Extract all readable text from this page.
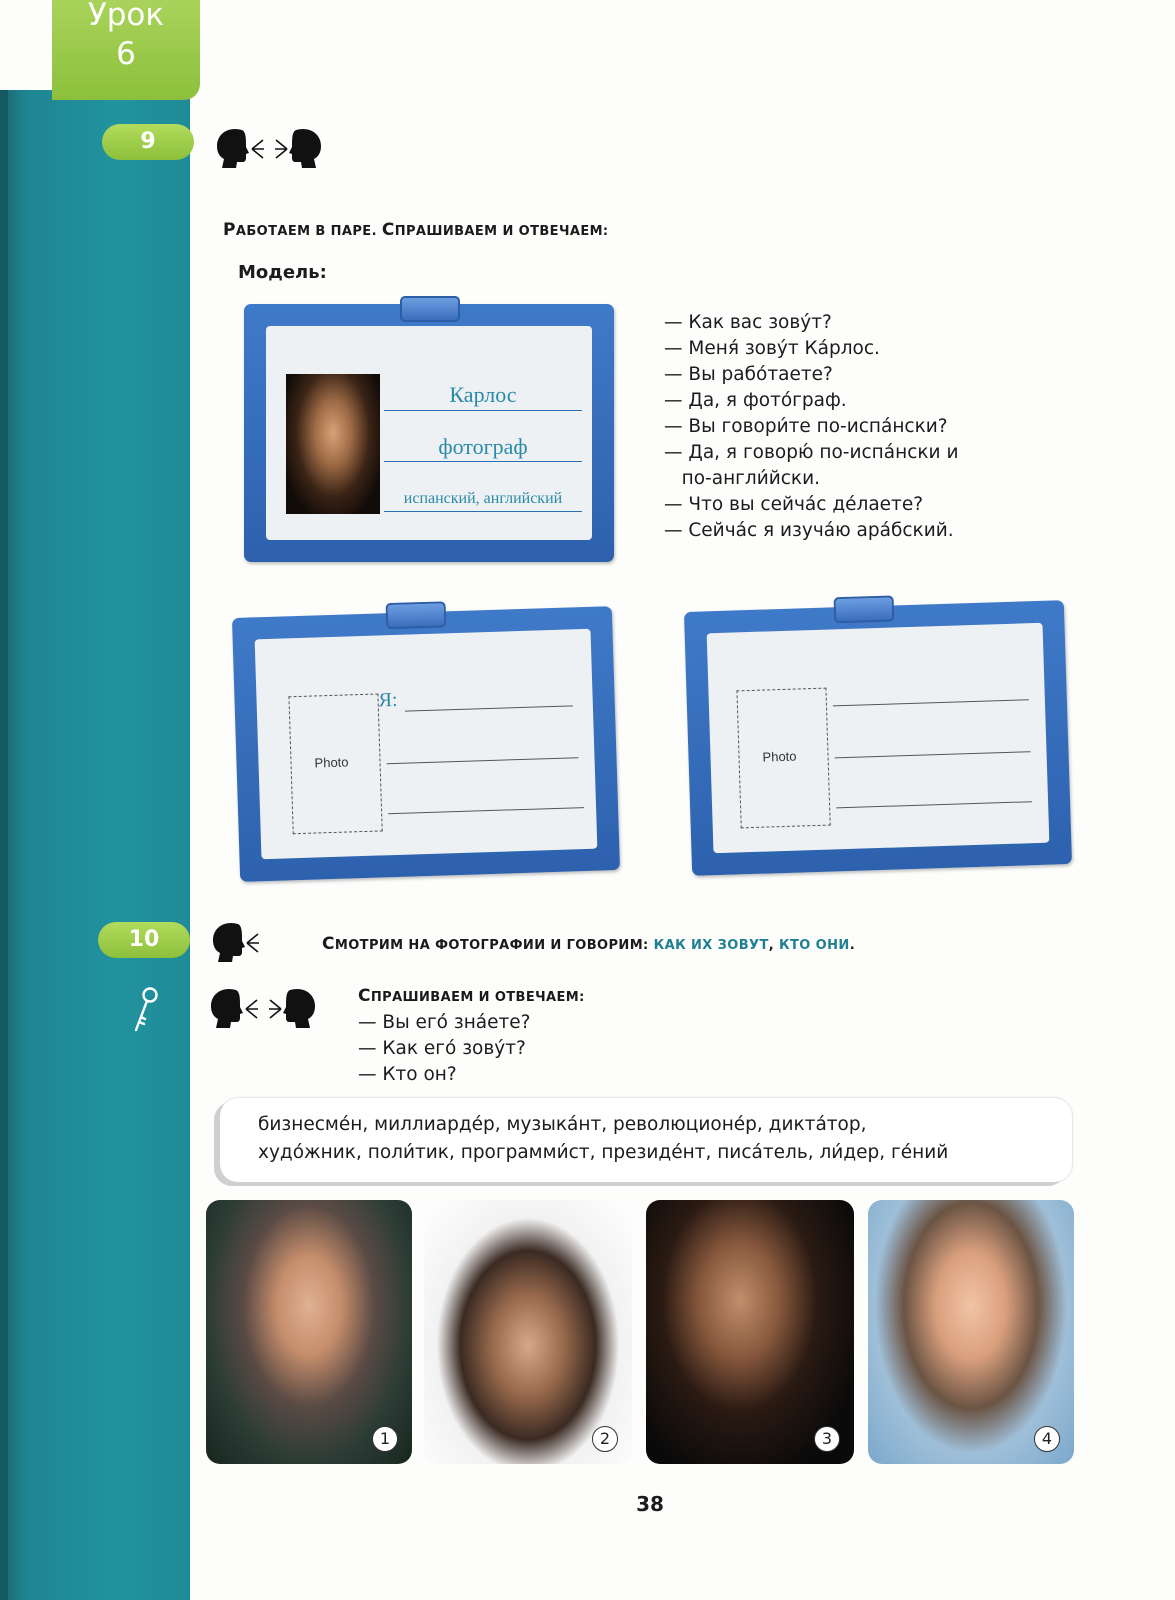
Урок
6
9
РАБОТАЕМ В ПАРЕ. СПРАШИВАЕМ И ОТВЕЧАЕМ:
Модель:
Карлос
фотограф
испанский, английский
— Как вас зову́т?
— Меня́ зову́т Ка́рлос.
— Вы рабо́таете?
— Да, я фото́граф.
— Вы говори́те по-испа́нски?
— Да, я говорю́ по-испа́нски и
по-англи́йски.
— Что вы сейча́с де́лаете?
— Сейча́с я изуча́ю ара́бский.
Photo
Я:
Photo
10	СМОТРИМ НА ФОТОГРАФИИ И ГОВОРИМ: КАК ИХ ЗОВУТ, КТО ОНИ.
СПРАШИВАЕМ И ОТВЕЧАЕМ:
— Вы его́ зна́ете?
— Как его́ зову́т?
— Кто он?
бизнесме́н, миллиарде́р, музыка́нт, революционе́р, дикта́тор,
худо́жник, поли́тик, программи́ст, президе́нт, писа́тель, ли́дер, ге́ний
1	2	3	4
38
